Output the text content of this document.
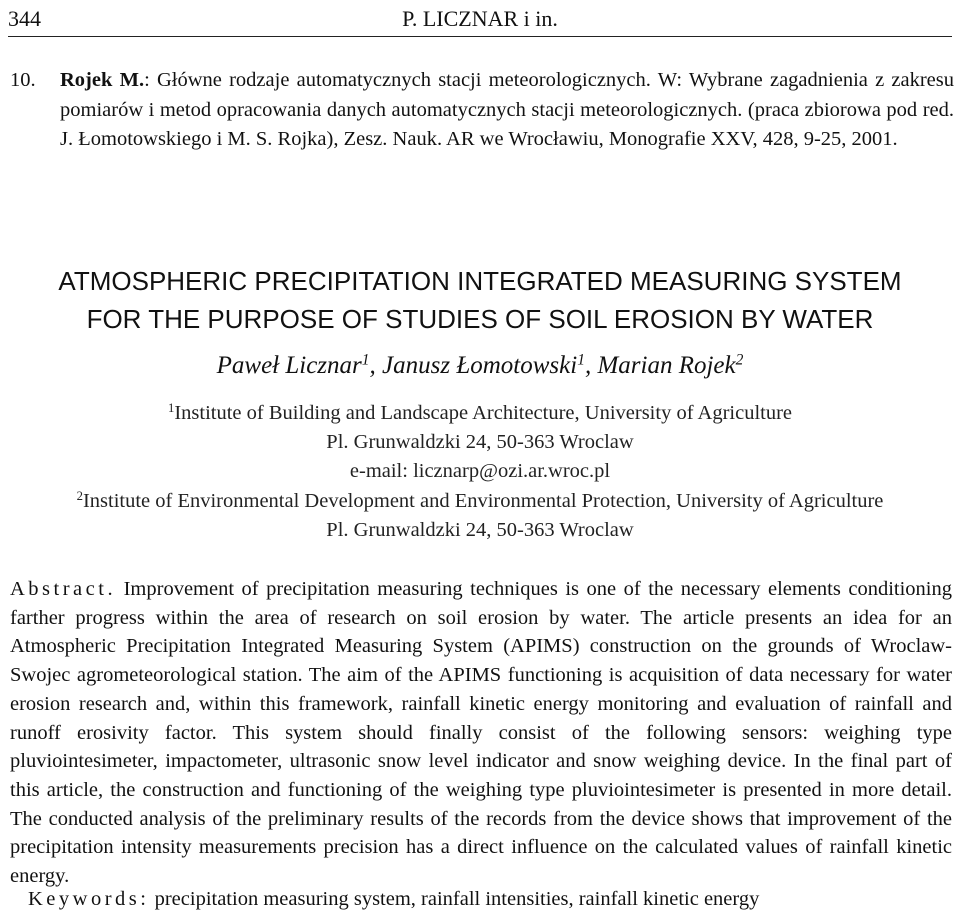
344	P. LICZNAR i in.
10. Rojek M.: Główne rodzaje automatycznych stacji meteorologicznych. W: Wybrane zagadnienia z zakresu pomiarów i metod opracowania danych automatycznych stacji meteorologicznych. (praca zbiorowa pod red. J. Łomotowskiego i M. S. Rojka), Zesz. Nauk. AR we Wrocławiu, Monografie XXV, 428, 9-25, 2001.
ATMOSPHERIC PRECIPITATION INTEGRATED MEASURING SYSTEM
FOR THE PURPOSE OF STUDIES OF SOIL EROSION BY WATER
Paweł Licznar$^1$, Janusz Łomotowski$^1$, Marian Rojek$^2$
$^1$Institute of Building and Landscape Architecture, University of Agriculture
Pl. Grunwaldzki 24, 50-363 Wroclaw
e-mail: licznarp@ozi.ar.wroc.pl
$^2$Institute of Environmental Development and Environmental Protection, University of Agriculture
Pl. Grunwaldzki 24, 50-363 Wroclaw
Abstract. Improvement of precipitation measuring techniques is one of the necessary elements conditioning farther progress within the area of research on soil erosion by water. The article presents an idea for an Atmospheric Precipitation Integrated Measuring System (APIMS) construction on the grounds of Wroclaw-Swojec agrometeorological station. The aim of the APIMS functioning is acquisition of data necessary for water erosion research and, within this framework, rainfall kinetic energy monitoring and evaluation of rainfall and runoff erosivity factor. This system should finally consist of the following sensors: weighing type pluviointesimeter, impactometer, ultrasonic snow level indicator and snow weighing device. In the final part of this article, the construction and functioning of the weighing type pluviointesimeter is presented in more detail. The conducted analysis of the preliminary results of the records from the device shows that improvement of the precipitation intensity measurements precision has a direct influence on the calculated values of rainfall kinetic energy.
Keywords: precipitation measuring system, rainfall intensities, rainfall kinetic energy
